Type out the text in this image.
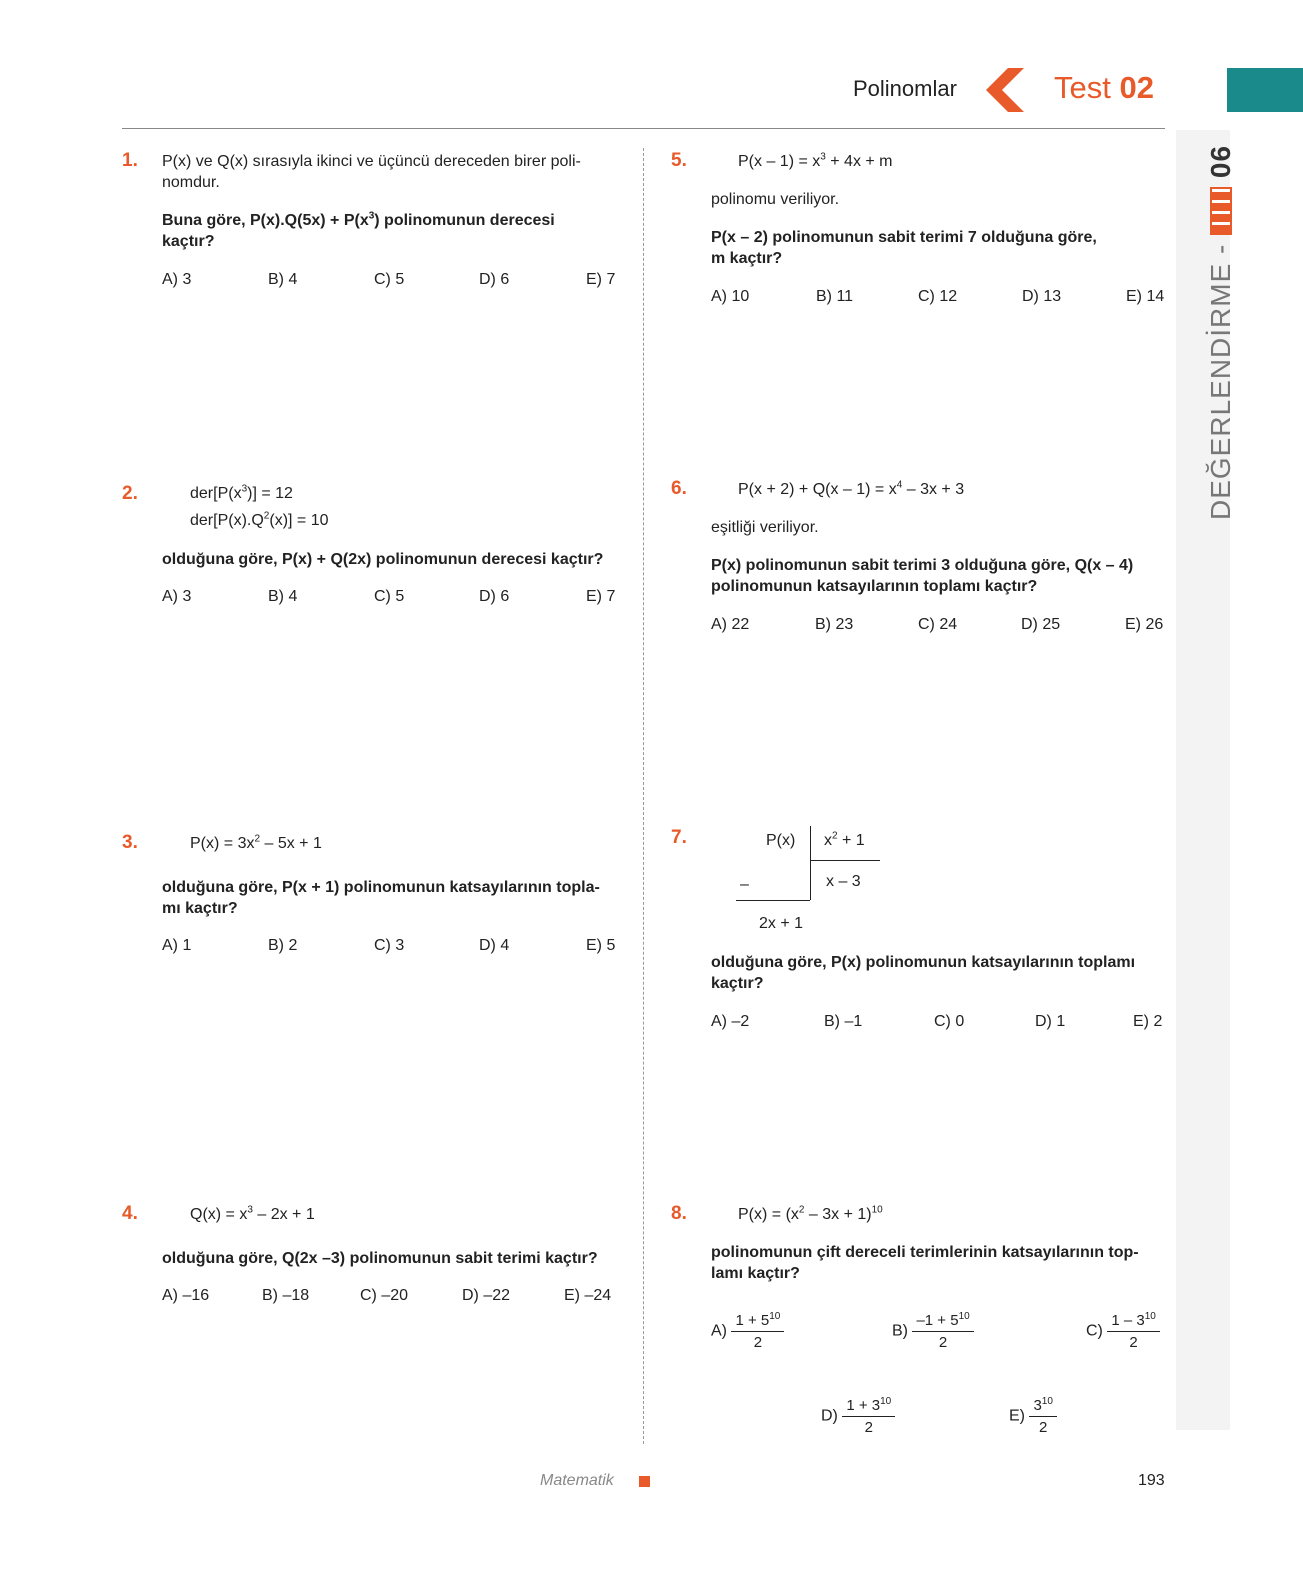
Polinomlar	Test 02
DEĞERLENDİRME -  06
1. P(x) ve Q(x) sırasıyla ikinci ve üçüncü dereceden birer poli-
nomdur.
Buna göre, $P(x).Q(5x) + P(x^3)$ polinomunun derecesi
kaçtır?
A) 3	B) 4	C) 5	D) 6	E) 7
2.	$der[P(x^3)] = 12$
$der[P(x).Q^2(x)] = 10$
olduğuna göre, P(x) + Q(2x) polinomunun derecesi kaçtır?
A) 3	B) 4	C) 5	D) 6	E) 7
3.	$P(x) = 3x^2 - 5x + 1$
olduğuna göre, P(x + 1) polinomunun katsayılarının topla-
mı kaçtır?
A) 1	B) 2	C) 3	D) 4	E) 5
4.	$Q(x) = x^3 - 2x + 1$
olduğuna göre, Q(2x –3) polinomunun sabit terimi kaçtır?
A) –16	B) –18	C) –20	D) –22	E) –24
5.	$P(x - 1) = x^3 + 4x + m$
polinomu veriliyor.
P(x – 2) polinomunun sabit terimi 7 olduğuna göre,
m kaçtır?
A) 10	B) 11	C) 12	D) 13	E) 14
6.	$P(x + 2) + Q(x - 1) = x^4 - 3x + 3$
eşitliği veriliyor.
P(x) polinomunun sabit terimi 3 olduğuna göre, Q(x – 4)
polinomunun katsayılarının toplamı kaçtır?
A) 22	B) 23	C) 24	D) 25	E) 26
7.	P(x) $x^2 + 1$
x – 3
–
2x + 1
olduğuna göre, P(x) polinomunun katsayılarının toplamı
kaçtır?
A) –2	B) –1	C) 0	D) 1	E) 2
8.	$P(x) = (x^2 - 3x + 1)^{10}$
polinomunun çift dereceli terimlerinin katsayılarının top-
lamı kaçtır?
$A) \frac{1 + 5^{10}}{2}$	$B) \frac{-1 + 5^{10}}{2}$	$C) \frac{1 - 3^{10}}{2}$
$D) \frac{1 + 3^{10}}{2}$	$E) \frac{3^{10}}{2}$
Matematik	193
